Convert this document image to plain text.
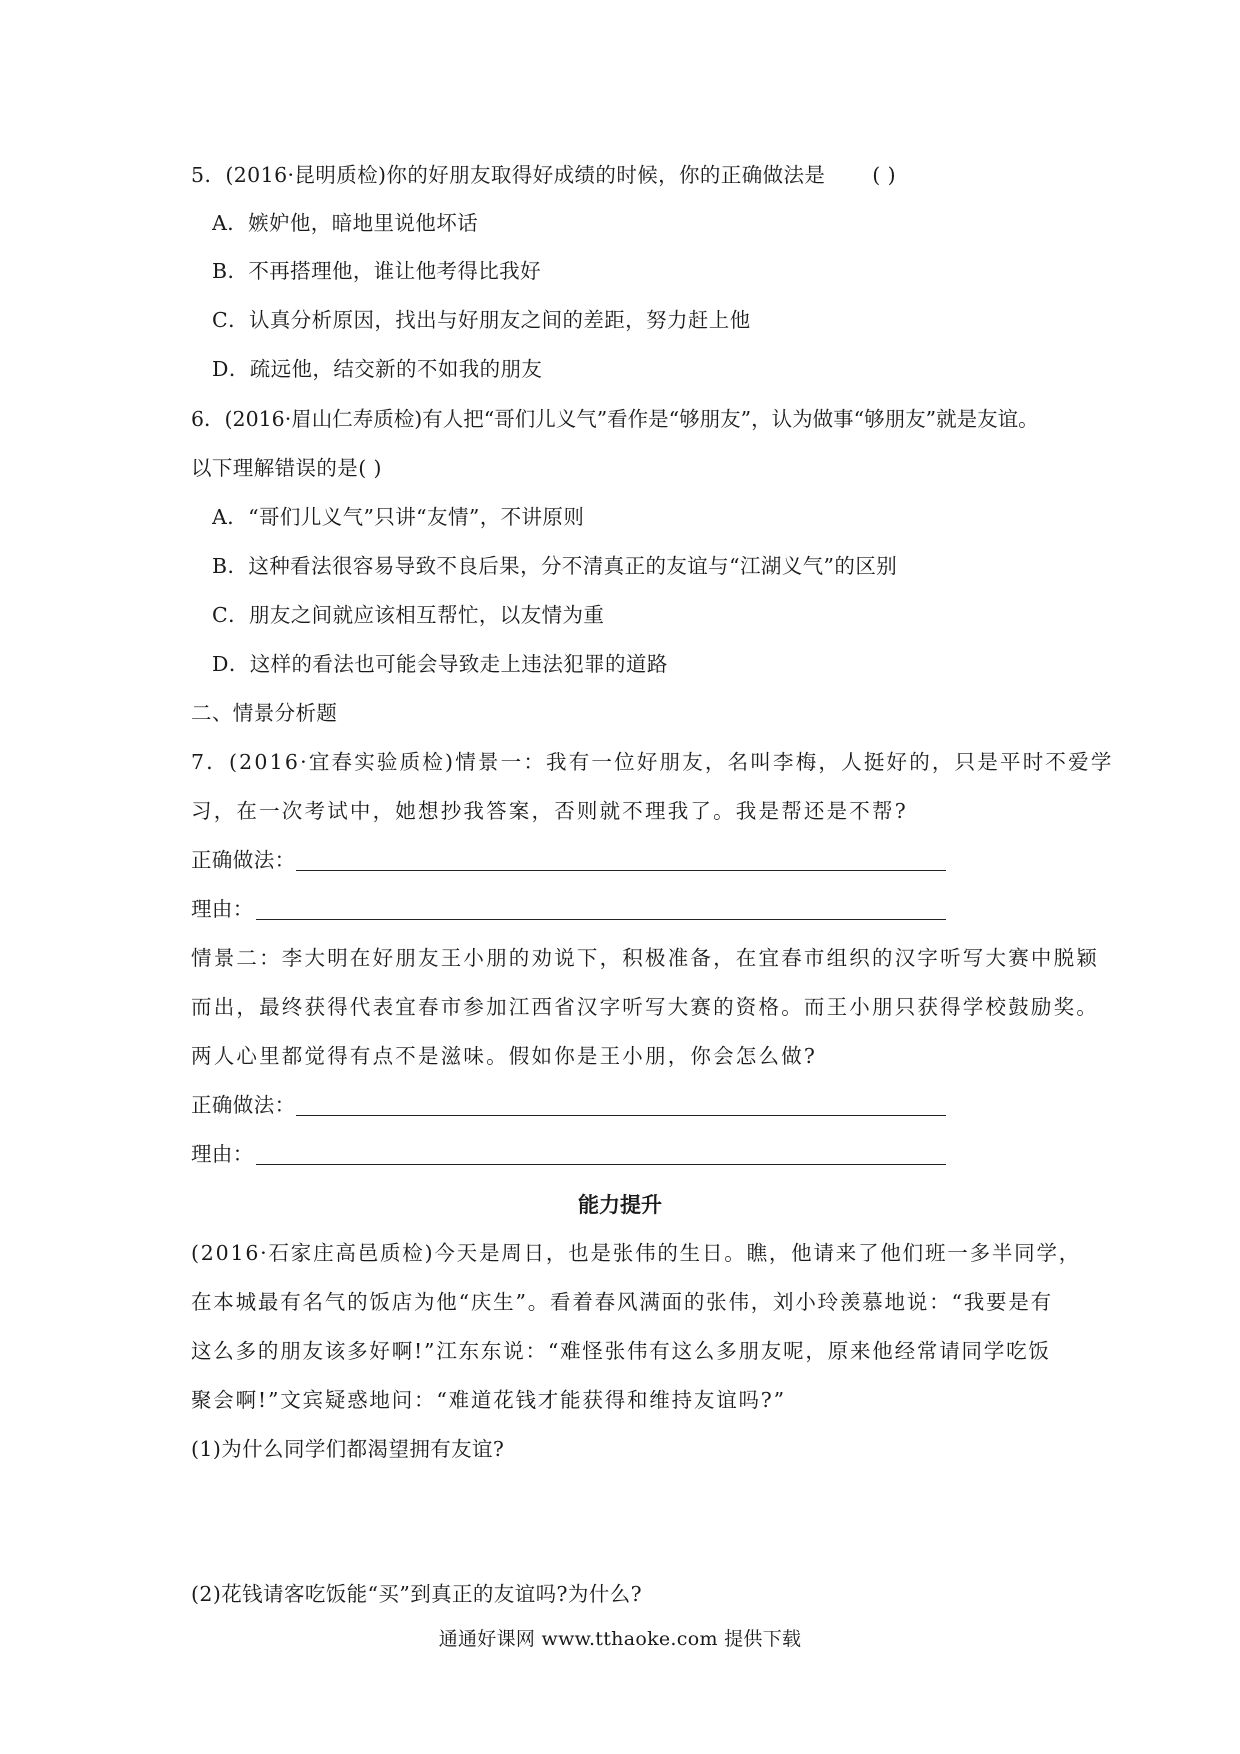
5．(2016·昆明质检)你的好朋友取得好成绩的时候，你的正确做法是 ( )
A．嫉妒他，暗地里说他坏话
B．不再搭理他，谁让他考得比我好
C．认真分析原因，找出与好朋友之间的差距，努力赶上他
D．疏远他，结交新的不如我的朋友
6．(2016·眉山仁寿质检)有人把“哥们儿义气”看作是“够朋友”，认为做事“够朋友”就是友谊。
以下理解错误的是( )
A．“哥们儿义气”只讲“友情”，不讲原则
B．这种看法很容易导致不良后果，分不清真正的友谊与“江湖义气”的区别
C．朋友之间就应该相互帮忙，以友情为重
D．这样的看法也可能会导致走上违法犯罪的道路
二、情景分析题
7．(2016·宜春实验质检)情景一：我有一位好朋友，名叫李梅，人挺好的，只是平时不爱学
习，在一次考试中，她想抄我答案，否则就不理我了。我是帮还是不帮?
正确做法：
理由：
情景二：李大明在好朋友王小朋的劝说下，积极准备，在宜春市组织的汉字听写大赛中脱颖
而出，最终获得代表宜春市参加江西省汉字听写大赛的资格。而王小朋只获得学校鼓励奖。
两人心里都觉得有点不是滋味。假如你是王小朋，你会怎么做?
正确做法：
理由：
能力提升
(2016·石家庄高邑质检)今天是周日，也是张伟的生日。瞧，他请来了他们班一多半同学，
在本城最有名气的饭店为他“庆生”。看着春风满面的张伟，刘小玲羡慕地说：“我要是有
这么多的朋友该多好啊!”江东东说：“难怪张伟有这么多朋友呢，原来他经常请同学吃饭
聚会啊!”文宾疑惑地问：“难道花钱才能获得和维持友谊吗?”
(1)为什么同学们都渴望拥有友谊?
(2)花钱请客吃饭能“买”到真正的友谊吗?为什么?
通通好课网 www.tthaoke.com 提供下载
